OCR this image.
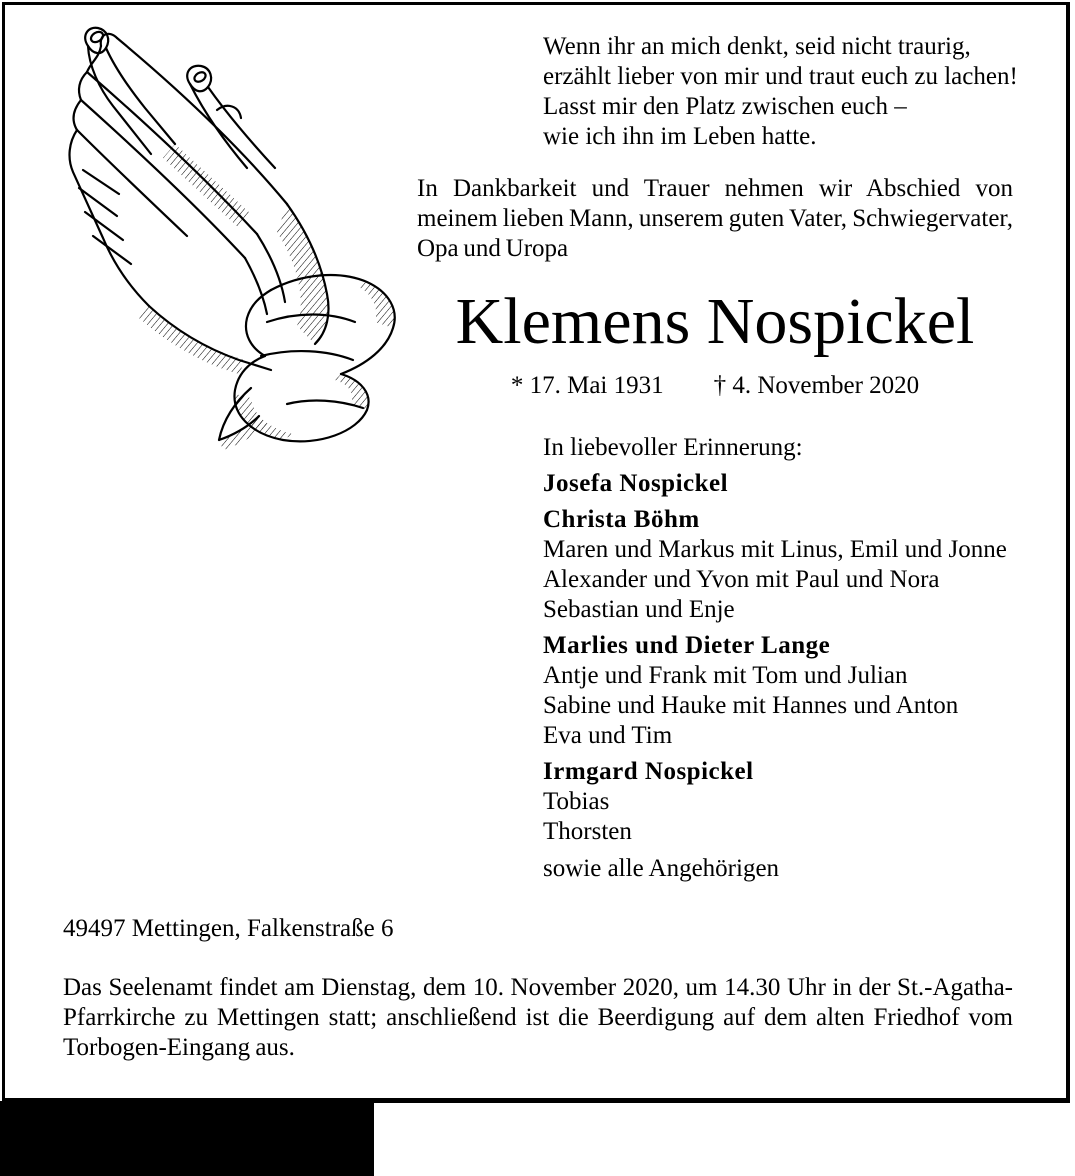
Wenn ihr an mich denkt, seid nicht traurig,
erzählt lieber von mir und traut euch zu lachen!
Lasst mir den Platz zwischen euch –
wie ich ihn im Leben hatte.
In Dankbarkeit und Trauer nehmen wir Abschied von
meinem lieben Mann, unserem guten Vater, Schwiegervater,
Opa und Uropa
Klemens Nospickel
* 17. Mai 1931 † 4. November 2020
In liebevoller Erinnerung:
Josefa Nospickel
Christa Böhm
Maren und Markus mit Linus, Emil und Jonne
Alexander und Yvon mit Paul und Nora
Sebastian und Enje
Marlies und Dieter Lange
Antje und Frank mit Tom und Julian
Sabine und Hauke mit Hannes und Anton
Eva und Tim
Irmgard Nospickel
Tobias
Thorsten
sowie alle Angehörigen
49497 Mettingen, Falkenstraße 6
Das Seelenamt findet am Dienstag, dem 10. November 2020, um 14.30 Uhr in der St.-Agatha-
Pfarrkirche zu Mettingen statt; anschließend ist die Beerdigung auf dem alten Friedhof vom
Torbogen-Eingang aus.
